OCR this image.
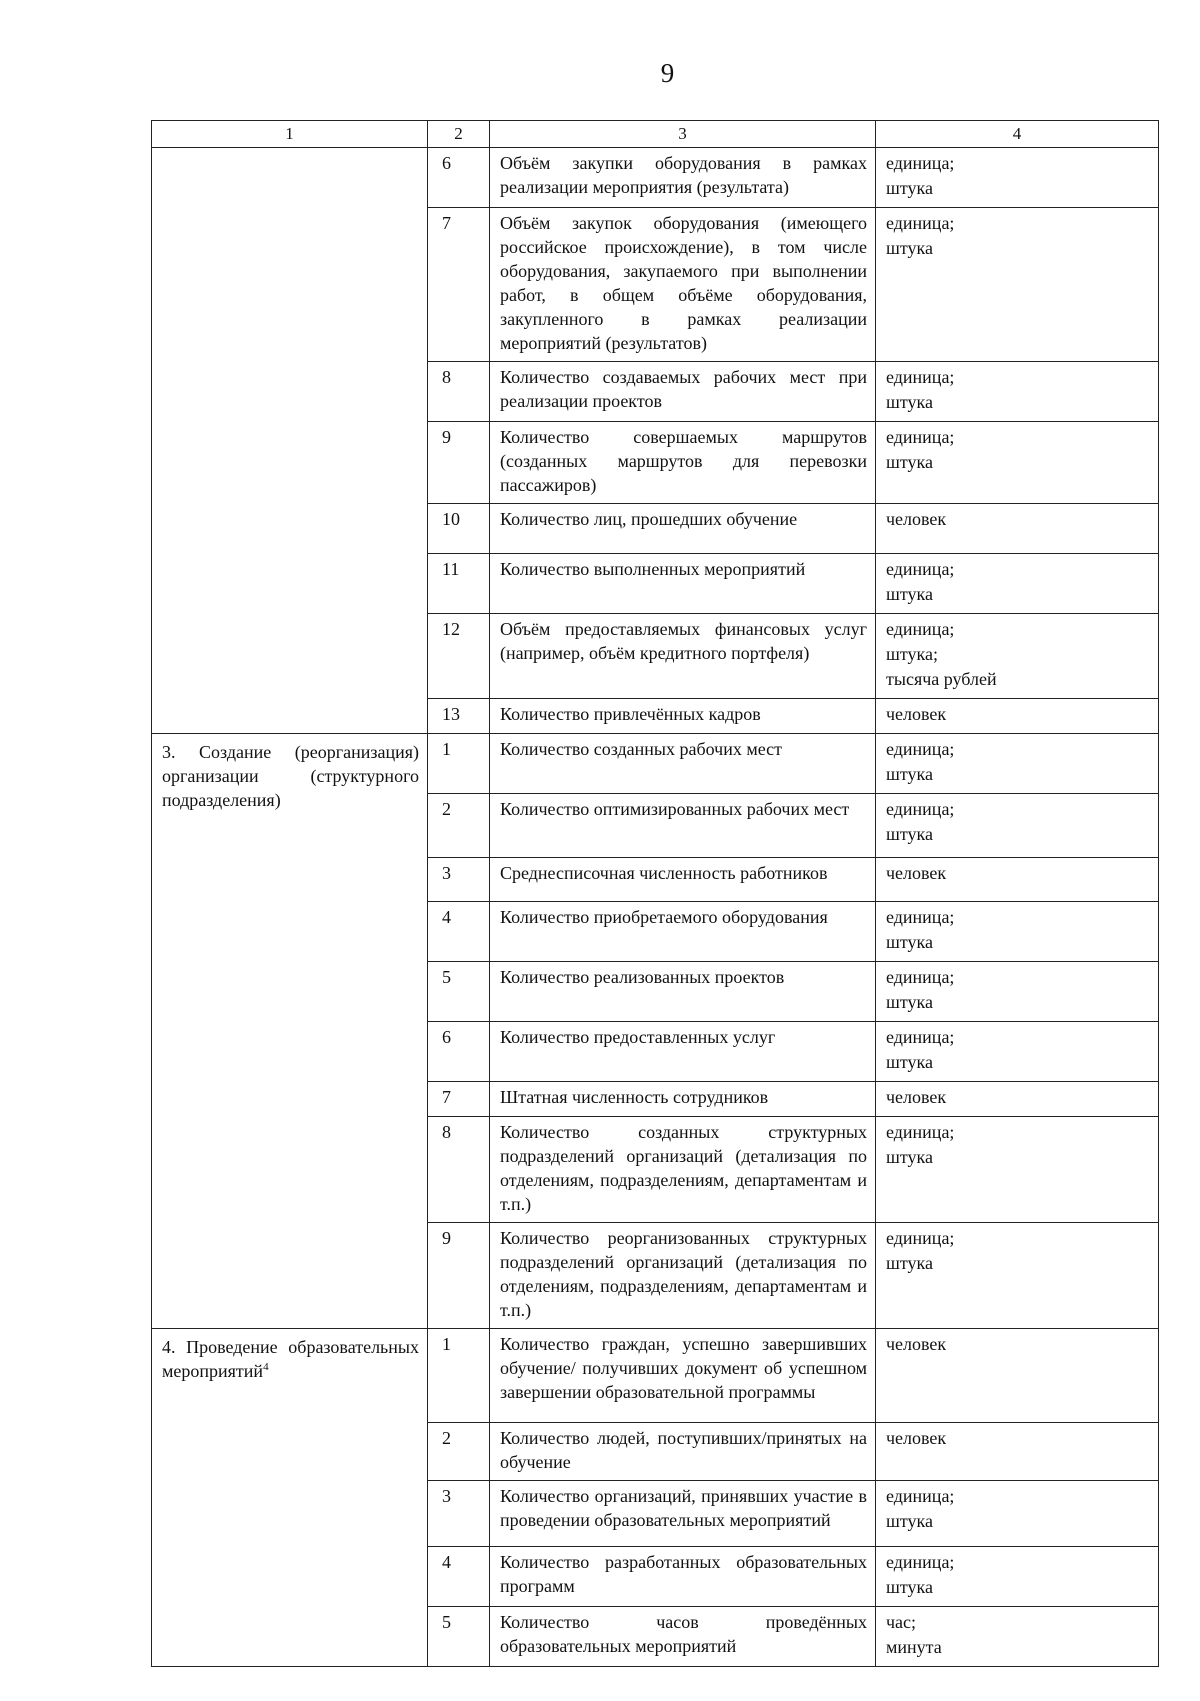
9
1	2	3	4
	6	Объём закупки оборудования в рамках реализации мероприятия (результата)	единица;
штука

	7	Объём закупок оборудования (имеющего российское происхождение), в том числе оборудования, закупаемого при выполнении работ, в общем объёме оборудования, закупленного в рамках реализации мероприятий (результатов)	единица;
штука

	8	Количество создаваемых рабочих мест при реализации проектов	единица;
штука

	9	Количество совершаемых маршрутов (созданных маршрутов для перевозки пассажиров)	единица;
штука

	10	Количество лиц, прошедших обучение	человек

	11	Количество выполненных мероприятий	единица;
штука

	12	Объём предоставляемых финансовых услуг (например, объём кредитного портфеля)	единица;
штука;
тысяча рублей

	13	Количество привлечённых кадров	человек

3. Создание (реорганизация) организации (структурного подразделения)	1	Количество созданных рабочих мест	единица;
штука

	2	Количество оптимизированных рабочих мест	единица;
штука

	3	Среднесписочная численность работников	человек

	4	Количество приобретаемого оборудования	единица;
штука

	5	Количество реализованных проектов	единица;
штука

	6	Количество предоставленных услуг	единица;
штука

	7	Штатная численность сотрудников	человек

	8	Количество созданных структурных подразделений организаций (детализация по отделениям, подразделениям, департаментам и т.п.)	единица;
штука

	9	Количество реорганизованных структурных подразделений организаций (детализация по отделениям, подразделениям, департаментам и т.п.)	единица;
штука

4. Проведение образовательных мероприятий$^4$	1	Количество граждан, успешно завершивших обучение/ получивших документ об успешном завершении образовательной программы	человек

	2	Количество людей, поступивших/принятых на обучение	человек

	3	Количество организаций, принявших участие в проведении образовательных мероприятий	единица;
штука

	4	Количество разработанных образовательных программ	единица;
штука

	5	Количество часов проведённых образовательных мероприятий	час;
минута
